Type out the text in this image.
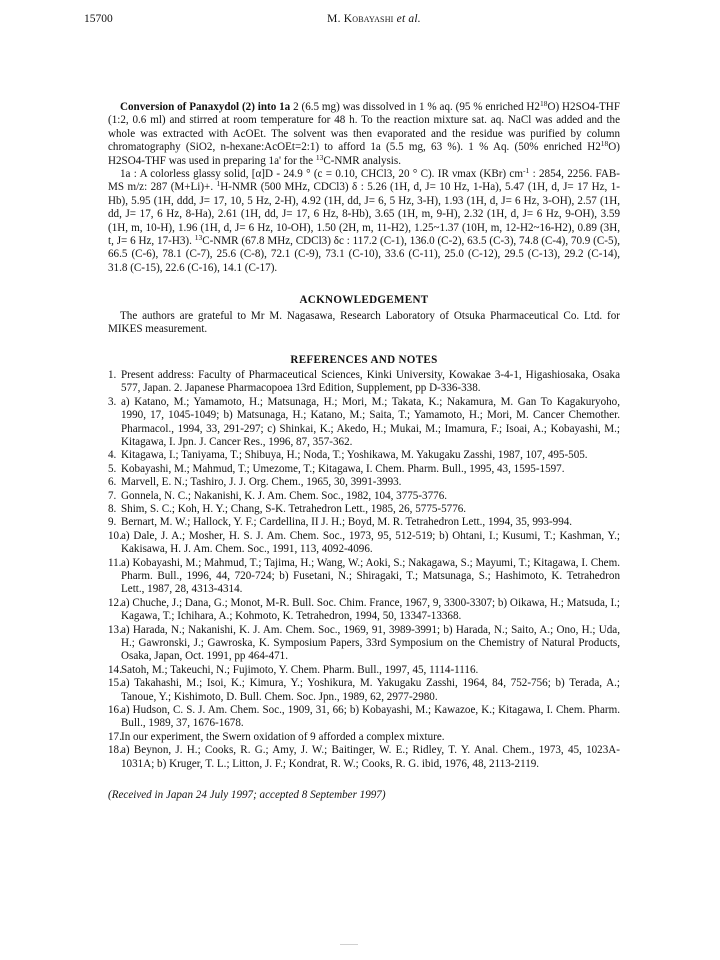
15700	M. Kobayashi et al.

Conversion of Panaxydol (2) into 1a 2 (6.5 mg) was dissolved in 1 % aq. (95 % enriched $H2^{18}O$) H2SO4-THF (1:2, 0.6 ml) and stirred at room temperature for 48 h. To the reaction mixture sat. aq. NaCl was added and the whole was extracted with AcOEt. The solvent was then evaporated and the residue was purified by column chromatography (SiO2, n-hexane:AcOEt=2:1) to afford 1a (5.5 mg, 63 %). 1 % Aq. (50% enriched $H2^{18}O$) H2SO4-THF was used in preparing 1a' for the $^{13}$C-NMR analysis.

1a : A colorless glassy solid, [α]D - 24.9 ° (c = 0.10, CHCl3, 20 ° C). IR νmax (KBr) $cm^{-1}$ : 2854, 2256. FAB-MS m/z: 287 (M+Li)+. $^1$H-NMR (500 MHz, CDCl3) δ : 5.26 (1H, d, J= 10 Hz, 1-Ha), 5.47 (1H, d, J= 17 Hz, 1-Hb), 5.95 (1H, ddd, J= 17, 10, 5 Hz, 2-H), 4.92 (1H, dd, J= 6, 5 Hz, 3-H), 1.93 (1H, d, J= 6 Hz, 3-OH), 2.57 (1H, dd, J= 17, 6 Hz, 8-Ha), 2.61 (1H, dd, J= 17, 6 Hz, 8-Hb), 3.65 (1H, m, 9-H), 2.32 (1H, d, J= 6 Hz, 9-OH), 3.59 (1H, m, 10-H), 1.96 (1H, d, J= 6 Hz, 10-OH), 1.50 (2H, m, 11-H2), 1.25~1.37 (10H, m, 12-H2~16-H2), 0.89 (3H, t, J= 6 Hz, 17-H3). $^{13}$C-NMR (67.8 MHz, CDCl3) δc : 117.2 (C-1), 136.0 (C-2), 63.5 (C-3), 74.8 (C-4), 70.9 (C-5), 66.5 (C-6), 78.1 (C-7), 25.6 (C-8), 72.1 (C-9), 73.1 (C-10), 33.6 (C-11), 25.0 (C-12), 29.5 (C-13), 29.2 (C-14), 31.8 (C-15), 22.6 (C-16), 14.1 (C-17).

ACKNOWLEDGEMENT

The authors are grateful to Mr M. Nagasawa, Research Laboratory of Otsuka Pharmaceutical Co. Ltd. for MIKES measurement.

REFERENCES AND NOTES

1. Present address: Faculty of Pharmaceutical Sciences, Kinki University, Kowakae 3-4-1, Higashiosaka, Osaka 577, Japan. 2. Japanese Pharmacopoea 13rd Edition, Supplement, pp D-336-338.
3. a) Katano, M.; Yamamoto, H.; Matsunaga, H.; Mori, M.; Takata, K.; Nakamura, M. Gan To Kagakuryoho, 1990, 17, 1045-1049; b) Matsunaga, H.; Katano, M.; Saita, T.; Yamamoto, H.; Mori, M. Cancer Chemother. Pharmacol., 1994, 33, 291-297; c) Shinkai, K.; Akedo, H.; Mukai, M.; Imamura, F.; Isoai, A.; Kobayashi, M.; Kitagawa, I. Jpn. J. Cancer Res., 1996, 87, 357-362.
4. Kitagawa, I.; Taniyama, T.; Shibuya, H.; Noda, T.; Yoshikawa, M. Yakugaku Zasshi, 1987, 107, 495-505.
5. Kobayashi, M.; Mahmud, T.; Umezome, T.; Kitagawa, I. Chem. Pharm. Bull., 1995, 43, 1595-1597.
6. Marvell, E. N.; Tashiro, J. J. Org. Chem., 1965, 30, 3991-3993.
7. Gonnela, N. C.; Nakanishi, K. J. Am. Chem. Soc., 1982, 104, 3775-3776.
8. Shim, S. C.; Koh, H. Y.; Chang, S-K. Tetrahedron Lett., 1985, 26, 5775-5776.
9. Bernart, M. W.; Hallock, Y. F.; Cardellina, II J. H.; Boyd, M. R. Tetrahedron Lett., 1994, 35, 993-994.
10. a) Dale, J. A.; Mosher, H. S. J. Am. Chem. Soc., 1973, 95, 512-519; b) Ohtani, I.; Kusumi, T.; Kashman, Y.; Kakisawa, H. J. Am. Chem. Soc., 1991, 113, 4092-4096.
11. a) Kobayashi, M.; Mahmud, T.; Tajima, H.; Wang, W.; Aoki, S.; Nakagawa, S.; Mayumi, T.; Kitagawa, I. Chem. Pharm. Bull., 1996, 44, 720-724; b) Fusetani, N.; Shiragaki, T.; Matsunaga, S.; Hashimoto, K. Tetrahedron Lett., 1987, 28, 4313-4314.
12. a) Chuche, J.; Dana, G.; Monot, M-R. Bull. Soc. Chim. France, 1967, 9, 3300-3307; b) Oikawa, H.; Matsuda, I.; Kagawa, T.; Ichihara, A.; Kohmoto, K. Tetrahedron, 1994, 50, 13347-13368.
13. a) Harada, N.; Nakanishi, K. J. Am. Chem. Soc., 1969, 91, 3989-3991; b) Harada, N.; Saito, A.; Ono, H.; Uda, H.; Gawronski, J.; Gawroska, K. Symposium Papers, 33rd Symposium on the Chemistry of Natural Products, Osaka, Japan, Oct. 1991, pp 464-471.
14. Satoh, M.; Takeuchi, N.; Fujimoto, Y. Chem. Pharm. Bull., 1997, 45, 1114-1116.
15. a) Takahashi, M.; Isoi, K.; Kimura, Y.; Yoshikura, M. Yakugaku Zasshi, 1964, 84, 752-756; b) Terada, A.; Tanoue, Y.; Kishimoto, D. Bull. Chem. Soc. Jpn., 1989, 62, 2977-2980.
16. a) Hudson, C. S. J. Am. Chem. Soc., 1909, 31, 66; b) Kobayashi, M.; Kawazoe, K.; Kitagawa, I. Chem. Pharm. Bull., 1989, 37, 1676-1678.
17. In our experiment, the Swern oxidation of 9 afforded a complex mixture.
18. a) Beynon, J. H.; Cooks, R. G.; Amy, J. W.; Baitinger, W. E.; Ridley, T. Y. Anal. Chem., 1973, 45, 1023A-1031A; b) Kruger, T. L.; Litton, J. F.; Kondrat, R. W.; Cooks, R. G. ibid, 1976, 48, 2113-2119.

(Received in Japan 24 July 1997; accepted 8 September 1997)
